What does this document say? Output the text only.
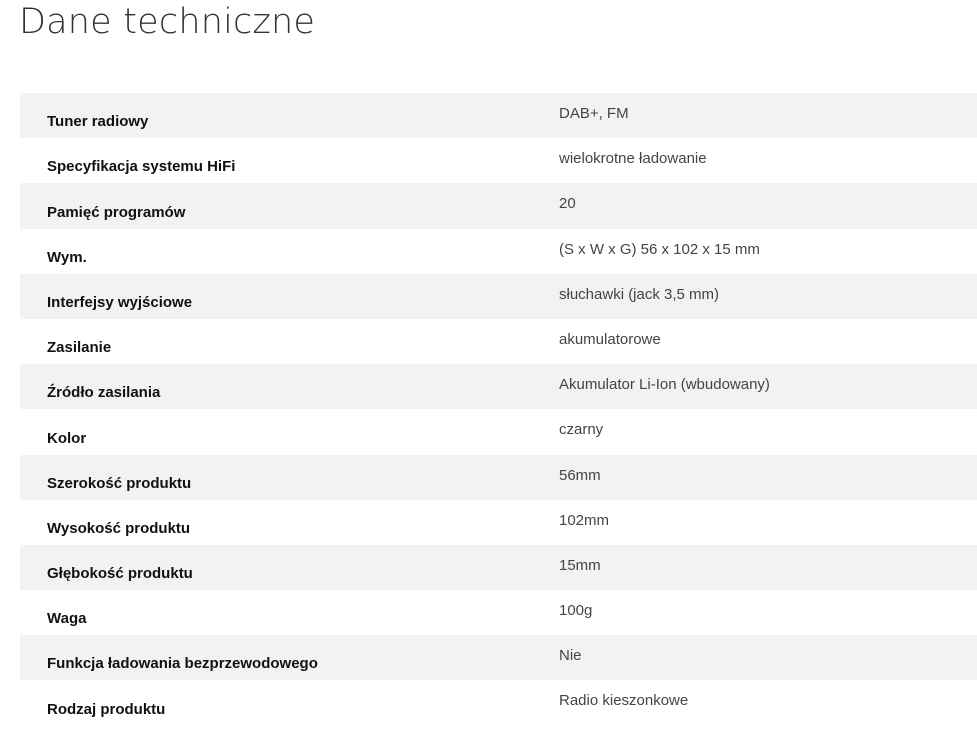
Dane techniczne
Tuner radiowy	DAB+, FM
Specyfikacja systemu HiFi	wielokrotne ładowanie
Pamięć programów	20
Wym.	(S x W x G) 56 x 102 x 15 mm
Interfejsy wyjściowe	słuchawki (jack 3,5 mm)
Zasilanie	akumulatorowe
Źródło zasilania	Akumulator Li-Ion (wbudowany)
Kolor	czarny
Szerokość produktu	56mm
Wysokość produktu	102mm
Głębokość produktu	15mm
Waga	100g
Funkcja ładowania bezprzewodowego	Nie
Rodzaj produktu	Radio kieszonkowe
